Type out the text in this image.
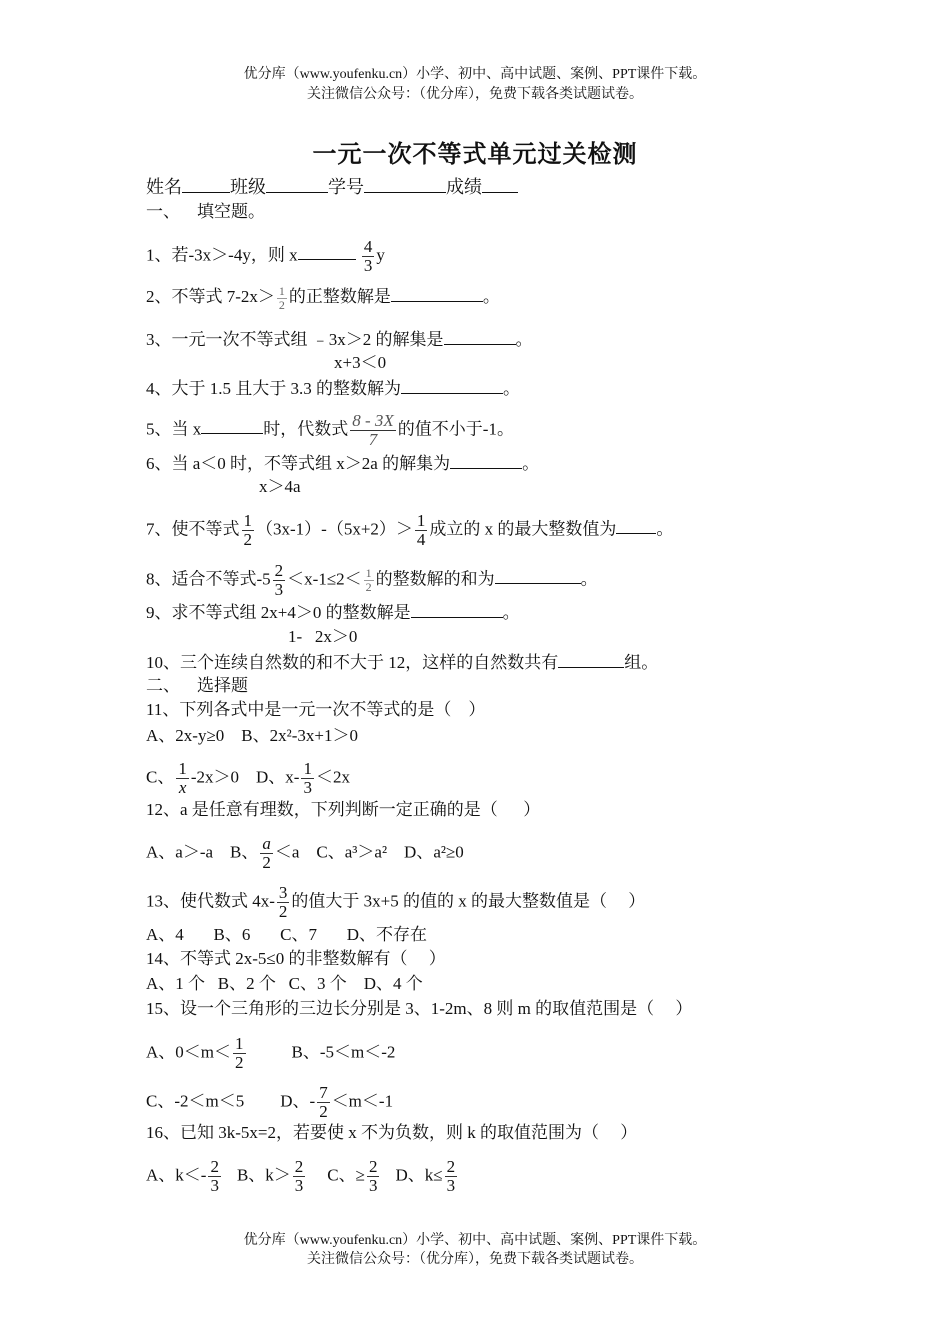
优分库（www.youfenku.cn）小学、初中、高中试题、案例、PPT课件下载。
关注微信公众号：（优分库），免费下载各类试题试卷。
一元一次不等式单元过关检测
姓名	班级	学号	成绩
一、    填空题。
1、若-3x＞-4y，则 x	$\frac{4}{3}$ y
2、不等式 $7-2x> \frac{1}{2}$ 的正整数解是	。
3、一元一次不等式组 ﹣3x＞2 的解集是	。
x+3＜0
4、大于 1.5 且大于 3.3 的整数解为	。
5、当 x	时，代数式 $\frac{8 - 3X}{7}$ 的值不小于-1。
6、当 a＜0 时，不等式组 x＞2a 的解集为	。
x＞4a
7、使不等式 $\frac{1}{2} (3x-1)-(5x+2)> \frac{1}{4}$ 成立的 x 的最大整数值为 。
8、适合不等式$-5 \frac{2}{3} <x-1\le 2< \frac{1}{2}$ 的整数解的和为	。
9、求不等式组 2x+4＞0 的整数解是	。
1-   2x＞0
10、三个连续自然数的和不大于 12，这样的自然数共有	组。
二、    选择题
11、下列各式中是一元一次不等式的是（    ）
A、2x-y≥0    B、2x²-3x+1＞0
C、 $\frac{1}{x} -2x>0$    D、$x- \frac{1}{3} <2x$
12、a 是任意有理数，下列判断一定正确的是（      ）
A、a＞-a    B、 $\frac{a}{2} <a$    C、a³＞a²    D、a²≥0
13、使代数式 $4x- \frac{3}{2}$ 的值大于 3x+5 的值的 x 的最大整数值是（     ）
A、4       B、6       C、7       D、不存在
14、不等式 2x-5≤0 的非整数解有（     ）
A、1 个   B、2 个   C、3 个    D、4 个
15、设一个三角形的三边长分别是 3、1-2m、8 则 m 的取值范围是（     ）
A、$0<m< \frac{1}{2}$	B、-5＜m＜-2
C、-2＜m＜5 D、- $\frac{7}{2} <m<-1$
16、已知 3k-5x=2，若要使 x 不为负数，则 k 的取值范围为（     ）
A、$k<- \frac{2}{3}$ B、$k> \frac{2}{3}$ C、≥ $\frac{2}{3}$ D、$k\le \frac{2}{3}$
优分库（www.youfenku.cn）小学、初中、高中试题、案例、PPT课件下载。
关注微信公众号：（优分库），免费下载各类试题试卷。
